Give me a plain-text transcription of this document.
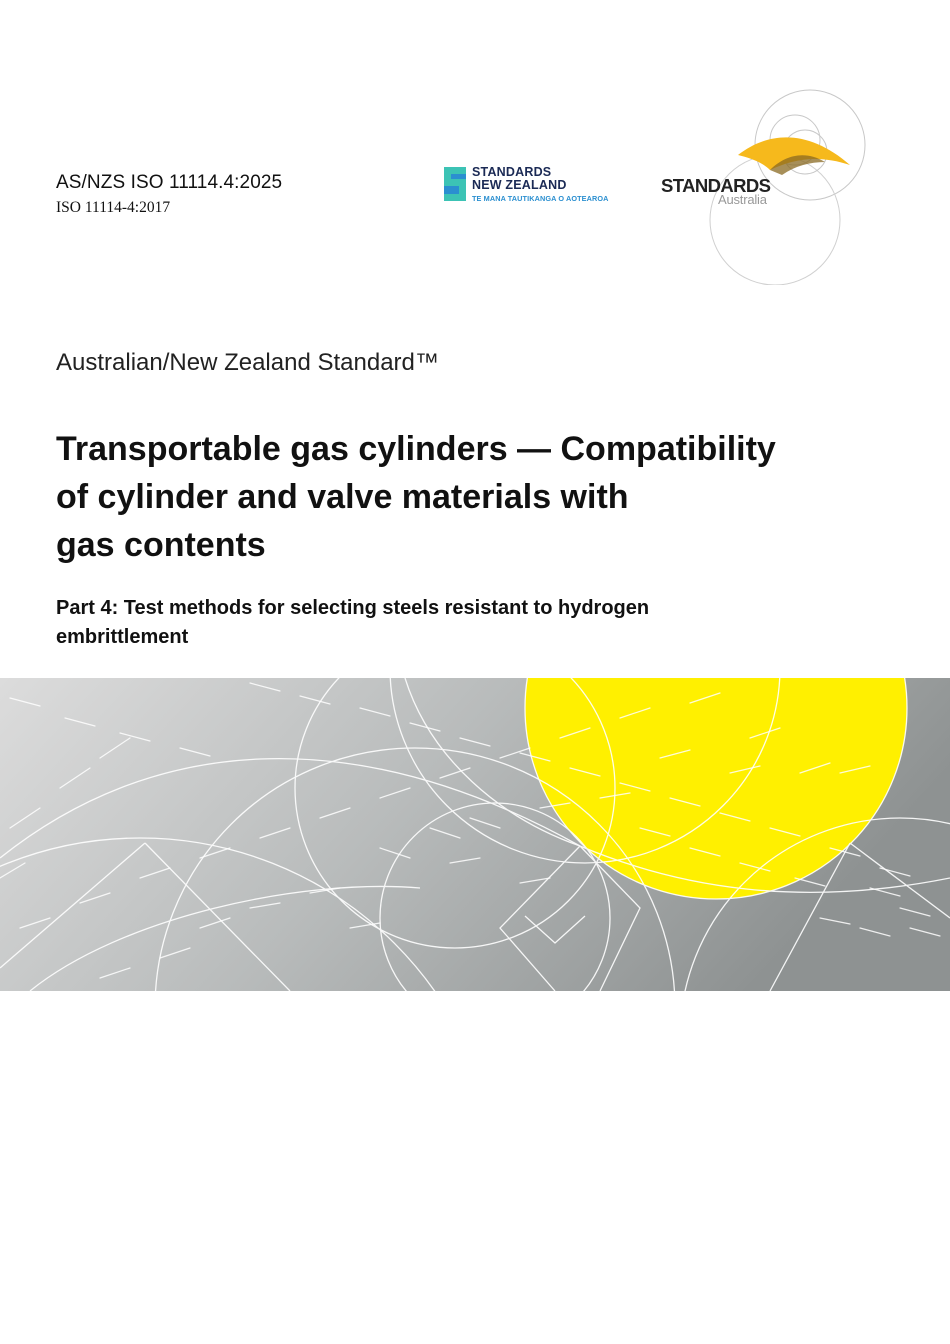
AS/NZS ISO 11114.4:2025
ISO 11114-4:2017
STANDARDS
NEW ZEALAND
TE MANA TAUTIKANGA O AOTEAROA
STANDARDS
Australia
Australian/New Zealand Standard™
Transportable gas cylinders — Compatibility
of cylinder and valve materials with
gas contents
Part 4: Test methods for selecting steels resistant to hydrogen
embrittlement
